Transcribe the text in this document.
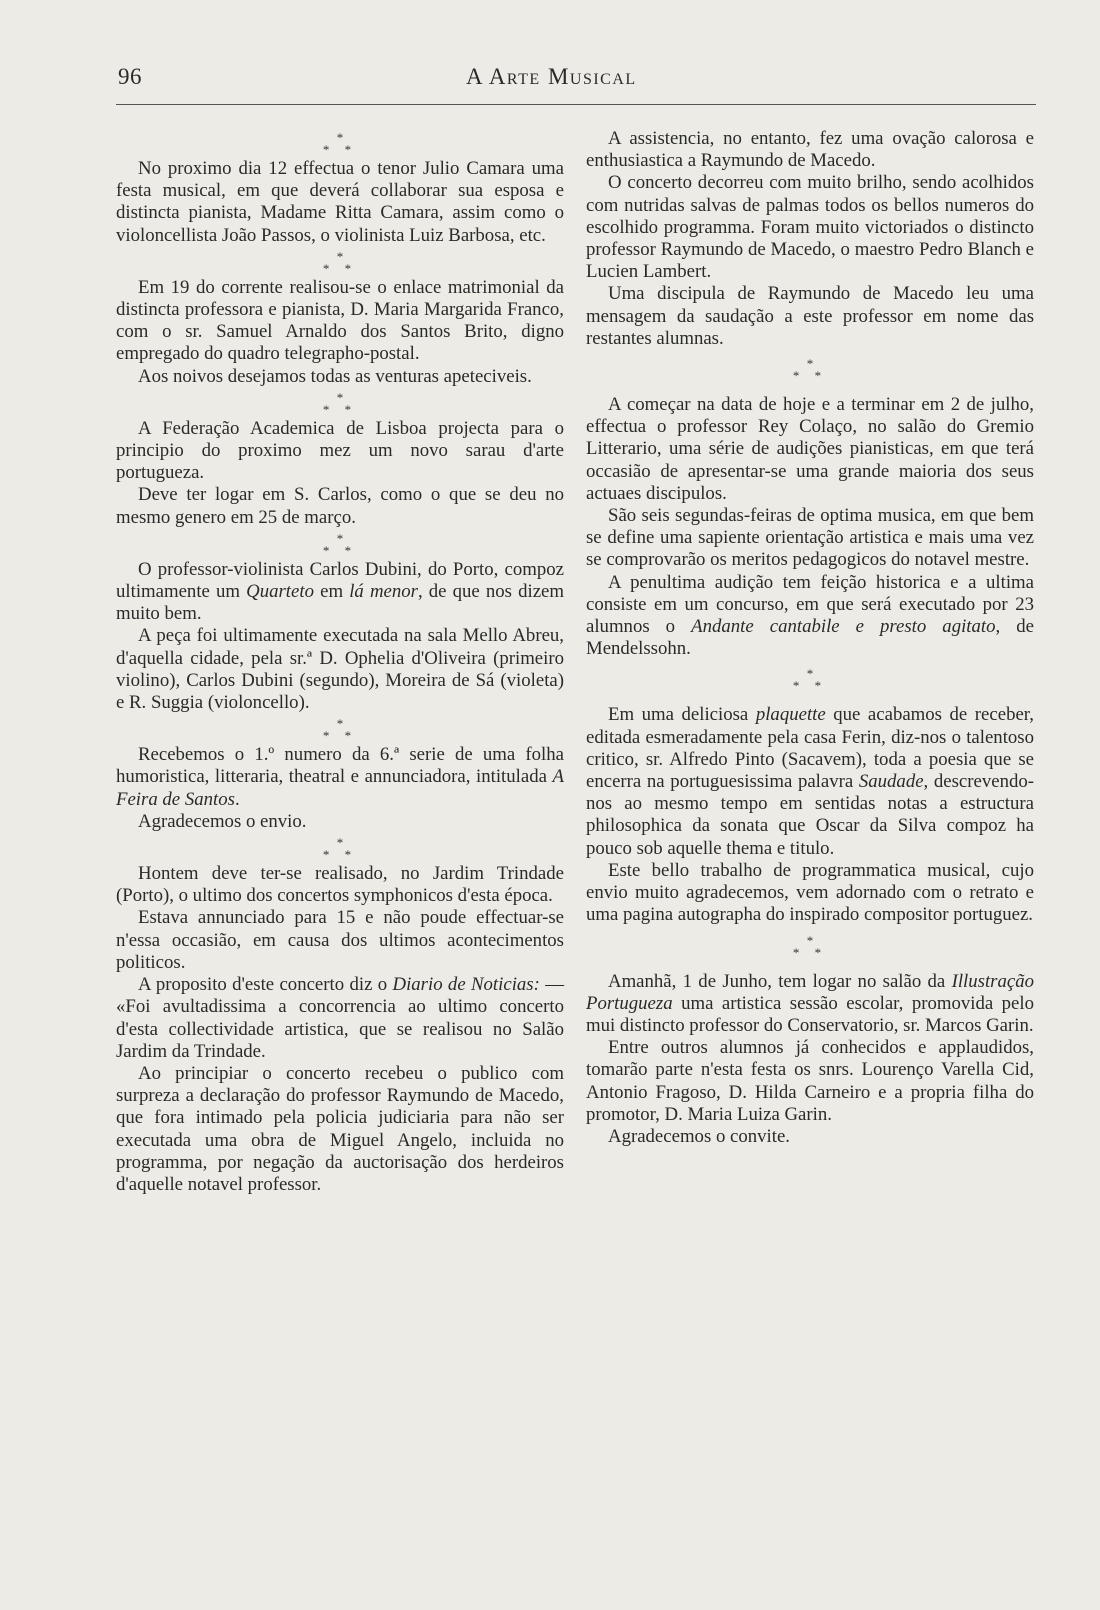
96	A Arte Musical
*
* *

No proximo dia 12 effectua o tenor Julio Camara uma festa musical, em que deverá collaborar sua esposa e distincta pianista, Madame Ritta Camara, assim como o violoncellista João Passos, o violinista Luiz Barbosa, etc.

*
* *

Em 19 do corrente realisou-se o enlace matrimonial da distincta professora e pianista, D. Maria Margarida Franco, com o sr. Samuel Arnaldo dos Santos Brito, digno empregado do quadro telegrapho-postal.

Aos noivos desejamos todas as venturas apeteciveis.

*
* *

A Federação Academica de Lisboa projecta para o principio do proximo mez um novo sarau d'arte portugueza.

Deve ter logar em S. Carlos, como o que se deu no mesmo genero em 25 de março.

*
* *

O professor-violinista Carlos Dubini, do Porto, compoz ultimamente um Quarteto em lá menor, de que nos dizem muito bem.

A peça foi ultimamente executada na sala Mello Abreu, d'aquella cidade, pela sr.ª D. Ophelia d'Oliveira (primeiro violino), Carlos Dubini (segundo), Moreira de Sá (violeta) e R. Suggia (violoncello).

*
* *

Recebemos o 1.º numero da 6.ª serie de uma folha humoristica, litteraria, theatral e annunciadora, intitulada A Feira de Santos.

Agradecemos o envio.

*
* *

Hontem deve ter-se realisado, no Jardim Trindade (Porto), o ultimo dos concertos symphonicos d'esta época.

Estava annunciado para 15 e não poude effectuar-se n'essa occasião, em causa dos ultimos acontecimentos politicos.

A proposito d'este concerto diz o Diario de Noticias: — «Foi avultadissima a concorrencia ao ultimo concerto d'esta collectividade artistica, que se realisou no Salão Jardim da Trindade.

Ao principiar o concerto recebeu o publico com surpreza a declaração do professor Raymundo de Macedo, que fora intimado pela policia judiciaria para não ser executada uma obra de Miguel Angelo, incluida no programma, por negação da auctorisação dos herdeiros d'aquelle notavel professor.

A assistencia, no entanto, fez uma ovação calorosa e enthusiastica a Raymundo de Macedo.

O concerto decorreu com muito brilho, sendo acolhidos com nutridas salvas de palmas todos os bellos numeros do escolhido programma. Foram muito victoriados o distincto professor Raymundo de Macedo, o maestro Pedro Blanch e Lucien Lambert.

Uma discipula de Raymundo de Macedo leu uma mensagem da saudação a este professor em nome das restantes alumnas.

*
* *

A começar na data de hoje e a terminar em 2 de julho, effectua o professor Rey Colaço, no salão do Gremio Litterario, uma série de audições pianisticas, em que terá occasião de apresentar-se uma grande maioria dos seus actuaes discipulos.

São seis segundas-feiras de optima musica, em que bem se define uma sapiente orientação artistica e mais uma vez se comprovarão os meritos pedagogicos do notavel mestre.

A penultima audição tem feição historica e a ultima consiste em um concurso, em que será executado por 23 alumnos o Andante cantabile e presto agitato, de Mendelssohn.

*
* *

Em uma deliciosa plaquette que acabamos de receber, editada esmeradamente pela casa Ferin, diz-nos o talentoso critico, sr. Alfredo Pinto (Sacavem), toda a poesia que se encerra na portuguesissima palavra Saudade, descrevendo-nos ao mesmo tempo em sentidas notas a estructura philosophica da sonata que Oscar da Silva compoz ha pouco sob aquelle thema e titulo.

Este bello trabalho de programmatica musical, cujo envio muito agradecemos, vem adornado com o retrato e uma pagina autographa do inspirado compositor portuguez.

*
* *

Amanhã, 1 de Junho, tem logar no salão da Illustração Portugueza uma artistica sessão escolar, promovida pelo mui distincto professor do Conservatorio, sr. Marcos Garin.

Entre outros alumnos já conhecidos e applaudidos, tomarão parte n'esta festa os snrs. Lourenço Varella Cid, Antonio Fragoso, D. Hilda Carneiro e a propria filha do promotor, D. Maria Luiza Garin.

Agradecemos o convite.
